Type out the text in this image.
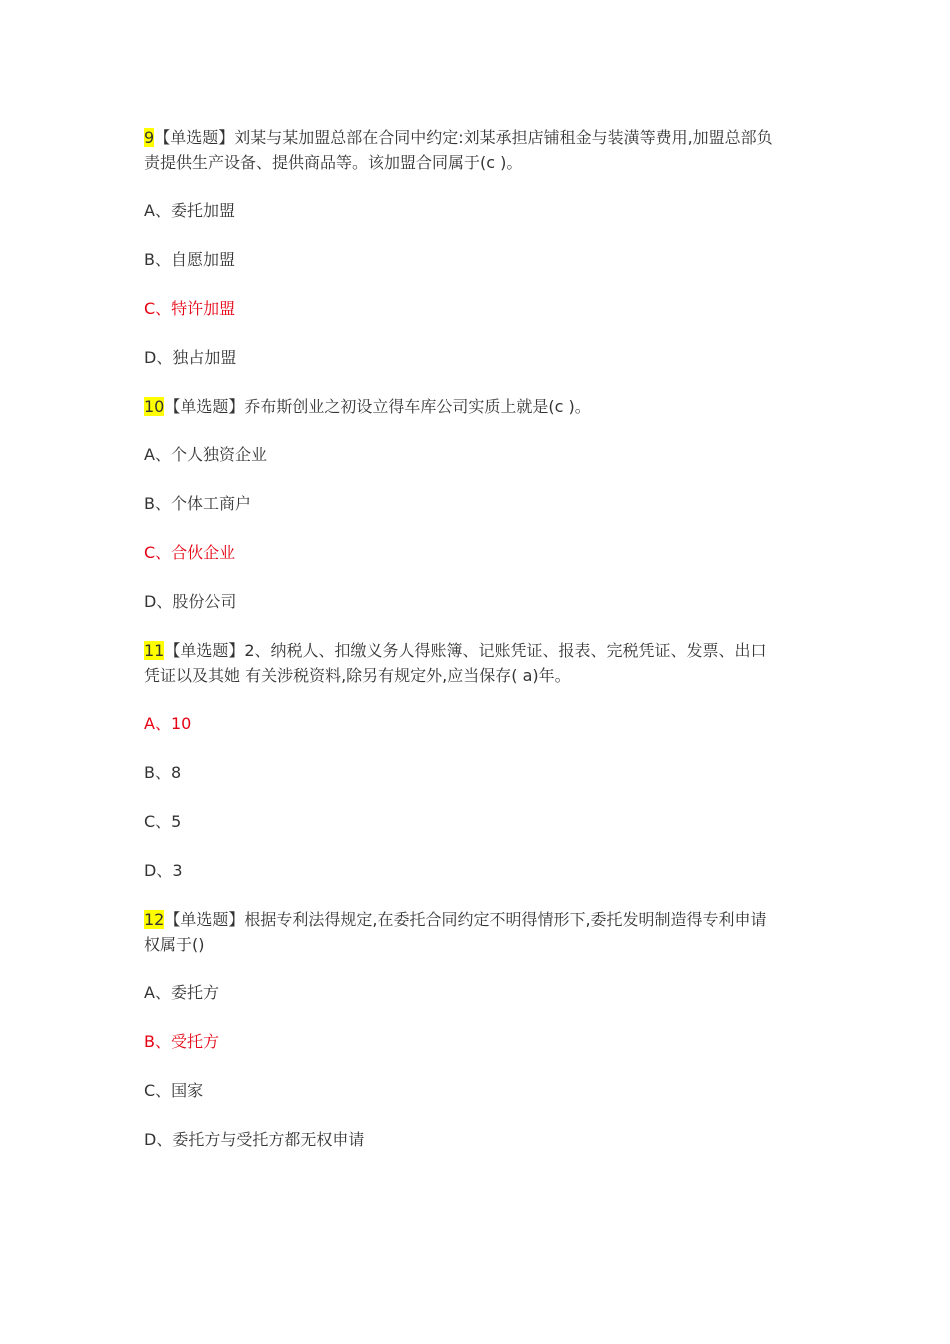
9【单选题】刘某与某加盟总部在合同中约定:刘某承担店铺租金与装潢等费用,加盟总部负
责提供生产设备、提供商品等。该加盟合同属于(c )。
A、委托加盟
B、自愿加盟
C、特许加盟
D、独占加盟
10【单选题】乔布斯创业之初设立得车库公司实质上就是(c )。
A、个人独资企业
B、个体工商户
C、合伙企业
D、股份公司
11【单选题】2、纳税人、扣缴义务人得账簿、记账凭证、报表、完税凭证、发票、出口
凭证以及其她 有关涉税资料,除另有规定外,应当保存( a)年。
A、10
B、8
C、5
D、3
12【单选题】根据专利法得规定,在委托合同约定不明得情形下,委托发明制造得专利申请
权属于()
A、委托方
B、受托方
C、国家
D、委托方与受托方都无权申请
